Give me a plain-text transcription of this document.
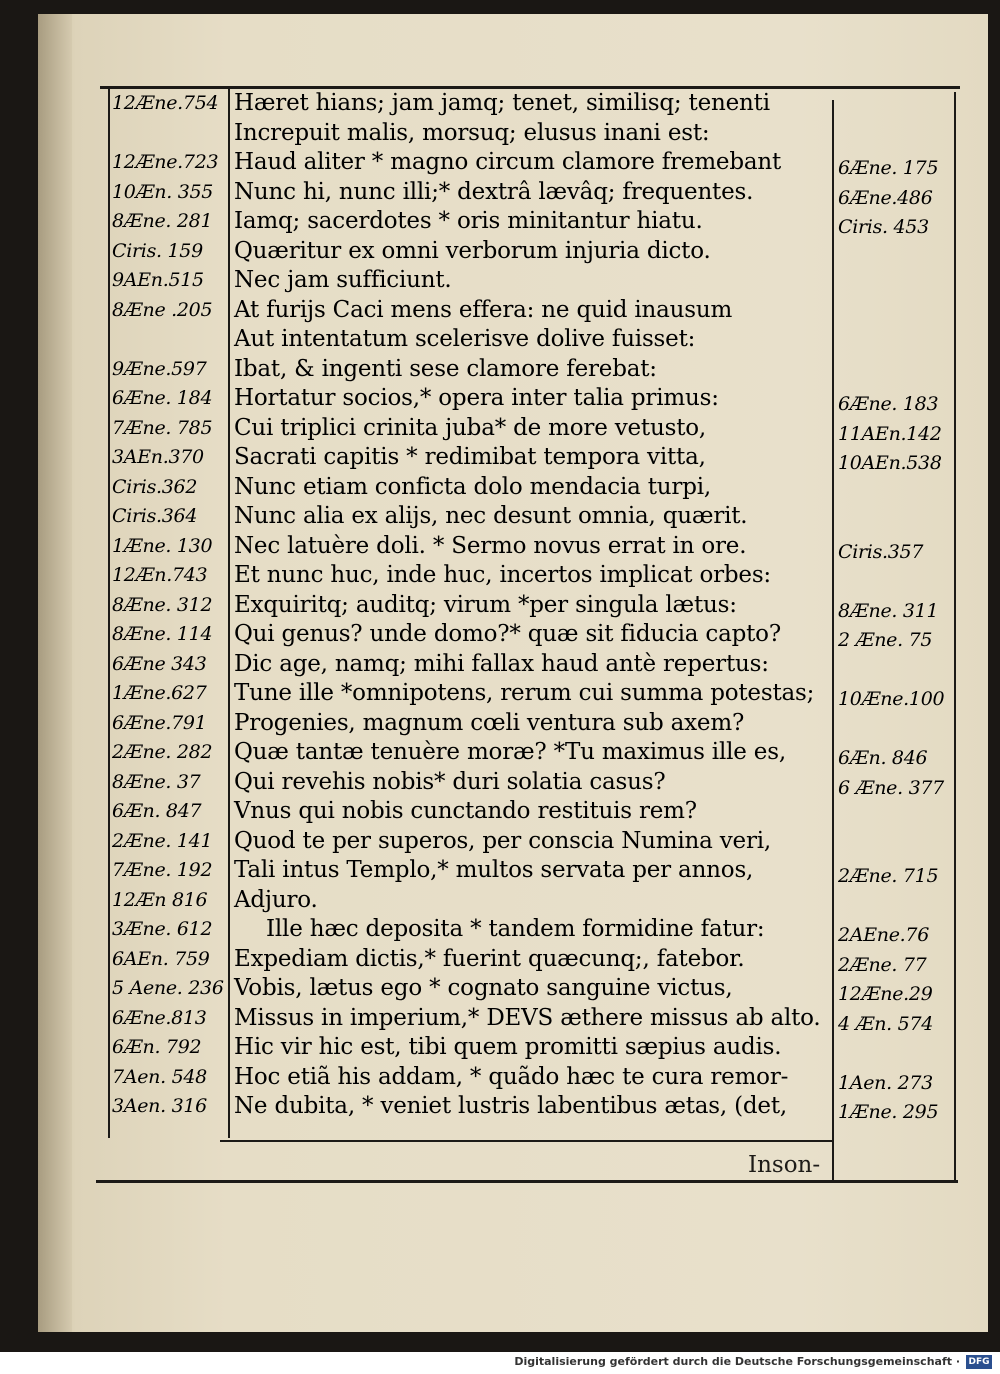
12Æne.754
12Æne.723
10Æn. 355
8Æne. 281
Ciris. 159
9AEn.515
8Æne .205
9Æne.597
6Æne. 184
7Æne. 785
3AEn.370
Ciris.362
Ciris.364
1Æne. 130
12Æn.743
8Æne. 312
8Æne. 114
6Æne 343
1Æne.627
6Æne.791
2Æne. 282
8Æne. 37
6Æn. 847
2Æne. 141
7Æne. 192
12Æn 816
3Æne. 612
6AEn. 759
5 Aene. 236
6Æne.813
6Æn. 792
7Aen. 548
3Aen. 316
Hæret hians; jam jamq; tenet, similisq; tenenti
Increpuit malis, morsuq; elusus inani est:
Haud aliter * magno circum clamore fremebant
Nunc hi, nunc illi;* dextrâ lævâq; frequentes.
Iamq; sacerdotes * oris minitantur hiatu.
Quæritur ex omni verborum injuria dicto.
Nec jam sufficiunt.
At furijs Caci mens effera: ne quid inausum
Aut intentatum scelerisve dolive fuisset:
Ibat, & ingenti sese clamore ferebat:
Hortatur socios,* opera inter talia primus:
Cui triplici crinita juba* de more vetusto,
Sacrati capitis * redimibat tempora vitta,
Nunc etiam conficta dolo mendacia turpi,
Nunc alia ex alijs, nec desunt omnia, quærit.
Nec latuère doli. * Sermo novus errat in ore.
Et nunc huc, inde huc, incertos implicat orbes:
Exquiritq; auditq; virum *per singula lætus:
Qui genus? unde domo?* quæ sit fiducia capto?
Dic age, namq; mihi fallax haud antè repertus:
Tune ille *omnipotens, rerum cui summa potestas;
Progenies, magnum cœli ventura sub axem?
Quæ tantæ tenuère moræ? *Tu maximus ille es,
Qui revehis nobis* duri solatia casus?
Vnus qui nobis cunctando restituis rem?
Quod te per superos, per conscia Numina veri,
Tali intus Templo,* multos servata per annos,
Adjuro.
Ille hæc deposita * tandem formidine fatur:
Expediam dictis,* fuerint quæcunq;, fatebor.
Vobis, lætus ego * cognato sanguine victus,
Missus in imperium,* DEVS æthere missus ab alto.
Hic vir hic est, tibi quem promitti sæpius audis.
Hoc etiã his addam, * quãdo hæc te cura remor-
Ne dubita, * veniet lustris labentibus ætas, (det,
6Æne. 175
6Æne.486
Ciris. 453
6Æne. 183
11AEn.142
10AEn.538
Ciris.357
8Æne. 311
2 Æne. 75
10Æne.100
6Æn. 846
6 Æne. 377
2Æne. 715
2AEne.76
2Æne. 77
12Æne.29
4 Æn. 574
1Aen. 273
1Æne. 295
Inson-
Digitalisierung gefördert durch die Deutsche Forschungsgemeinschaft · DFG
